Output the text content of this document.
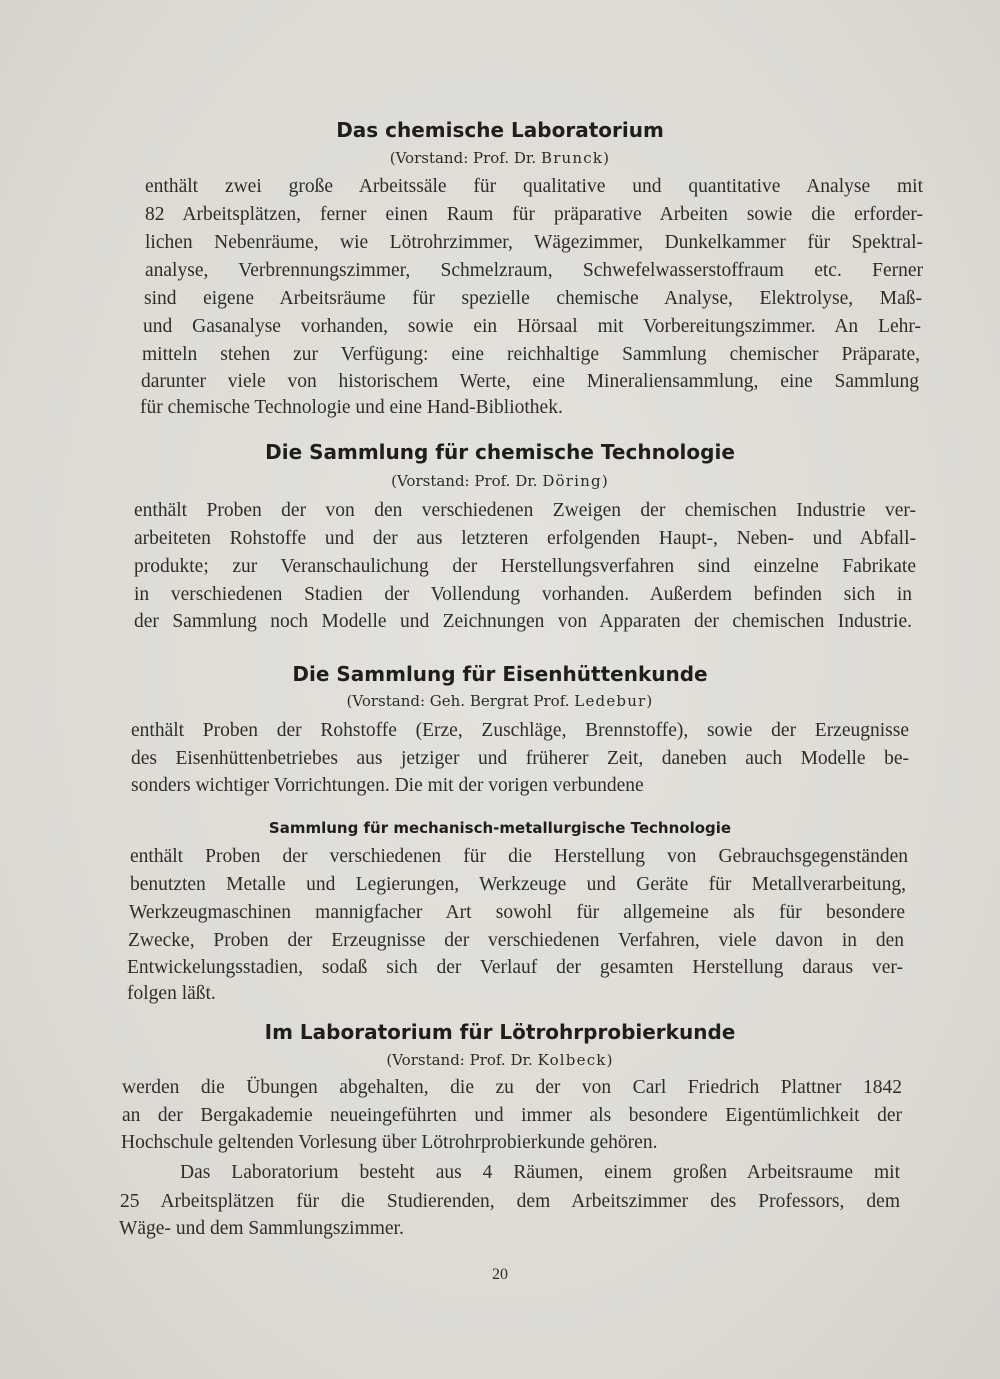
Das chemische Laboratorium
(Vorstand: Prof. Dr. Brunck)
enthält zwei große Arbeitssäle für qualitative und quantitative Analyse mit
82 Arbeitsplätzen, ferner einen Raum für präparative Arbeiten sowie die erforder-
lichen Nebenräume, wie Lötrohrzimmer, Wägezimmer, Dunkelkammer für Spektral-
analyse, Verbrennungszimmer, Schmelzraum, Schwefelwasserstoffraum etc. Ferner
sind eigene Arbeitsräume für spezielle chemische Analyse, Elektrolyse, Maß-
und Gasanalyse vorhanden, sowie ein Hörsaal mit Vorbereitungszimmer. An Lehr-
mitteln stehen zur Verfügung: eine reichhaltige Sammlung chemischer Präparate,
darunter viele von historischem Werte, eine Mineraliensammlung, eine Sammlung
für chemische Technologie und eine Hand-Bibliothek.
Die Sammlung für chemische Technologie
(Vorstand: Prof. Dr. Döring)
enthält Proben der von den verschiedenen Zweigen der chemischen Industrie ver-
arbeiteten Rohstoffe und der aus letzteren erfolgenden Haupt-, Neben- und Abfall-
produkte; zur Veranschaulichung der Herstellungsverfahren sind einzelne Fabrikate
in verschiedenen Stadien der Vollendung vorhanden. Außerdem befinden sich in
der Sammlung noch Modelle und Zeichnungen von Apparaten der chemischen Industrie.
Die Sammlung für Eisenhüttenkunde
(Vorstand: Geh. Bergrat Prof. Ledebur)
enthält Proben der Rohstoffe (Erze, Zuschläge, Brennstoffe), sowie der Erzeugnisse
des Eisenhüttenbetriebes aus jetziger und früherer Zeit, daneben auch Modelle be-
sonders wichtiger Vorrichtungen. Die mit der vorigen verbundene
Sammlung für mechanisch-metallurgische Technologie
enthält Proben der verschiedenen für die Herstellung von Gebrauchsgegenständen
benutzten Metalle und Legierungen, Werkzeuge und Geräte für Metallverarbeitung,
Werkzeugmaschinen mannigfacher Art sowohl für allgemeine als für besondere
Zwecke, Proben der Erzeugnisse der verschiedenen Verfahren, viele davon in den
Entwickelungsstadien, sodaß sich der Verlauf der gesamten Herstellung daraus ver-
folgen läßt.
Im Laboratorium für Lötrohrprobierkunde
(Vorstand: Prof. Dr. Kolbeck)
werden die Übungen abgehalten, die zu der von Carl Friedrich Plattner 1842
an der Bergakademie neueingeführten und immer als besondere Eigentümlichkeit der
Hochschule geltenden Vorlesung über Lötrohrprobierkunde gehören.
Das Laboratorium besteht aus 4 Räumen, einem großen Arbeitsraume mit
25 Arbeitsplätzen für die Studierenden, dem Arbeitszimmer des Professors, dem
Wäge- und dem Sammlungszimmer.
20
